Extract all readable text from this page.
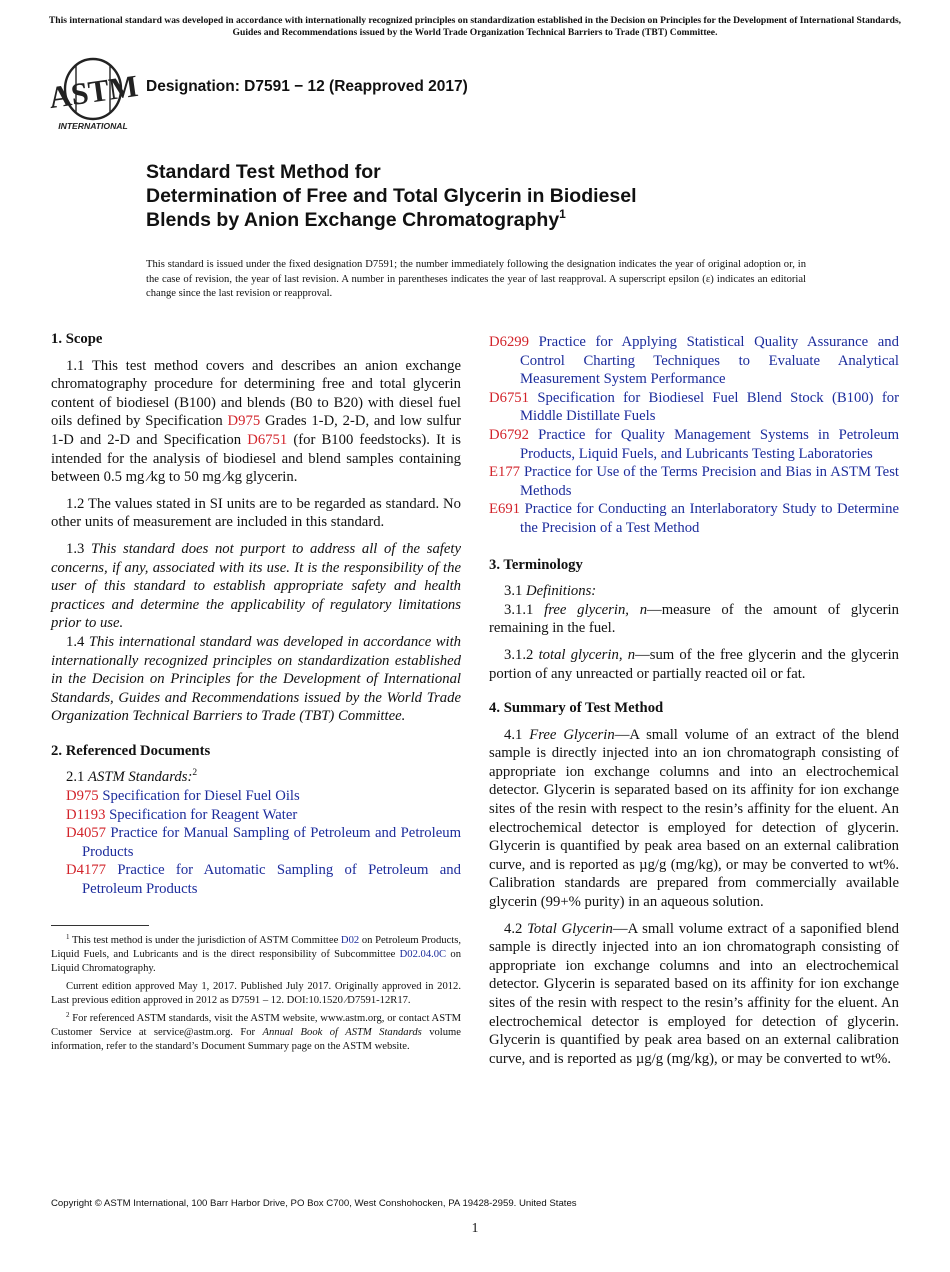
This international standard was developed in accordance with internationally recognized principles on standardization established in the Decision on Principles for the Development of International Standards, Guides and Recommendations issued by the World Trade Organization Technical Barriers to Trade (TBT) Committee.
ASTM
INTERNATIONAL
Designation: D7591 − 12 (Reapproved 2017)
Standard Test Method for
Determination of Free and Total Glycerin in Biodiesel
Blends by Anion Exchange Chromatography$^1$
This standard is issued under the fixed designation D7591; the number immediately following the designation indicates the year of original adoption or, in the case of revision, the year of last revision. A number in parentheses indicates the year of last reapproval. A superscript epsilon (ε) indicates an editorial change since the last revision or reapproval.
1. Scope

1.1 This test method covers and describes an anion exchange chromatography procedure for determining free and total glycerin content of biodiesel (B100) and blends (B0 to B20) with diesel fuel oils defined by Specification D975 Grades 1-D, 2-D, and low sulfur 1-D and 2-D and Specification D6751 (for B100 feedstocks). It is intended for the analysis of biodiesel and blend samples containing between 0.5 mg ⁄kg to 50 mg ⁄kg glycerin.

1.2 The values stated in SI units are to be regarded as standard. No other units of measurement are included in this standard.

1.3 This standard does not purport to address all of the safety concerns, if any, associated with its use. It is the responsibility of the user of this standard to establish appropriate safety and health practices and determine the applicability of regulatory limitations prior to use.

1.4 This international standard was developed in accordance with internationally recognized principles on standardization established in the Decision on Principles for the Development of International Standards, Guides and Recommendations issued by the World Trade Organization Technical Barriers to Trade (TBT) Committee.

2. Referenced Documents

2.1 ASTM Standards:$^2$

D975 Specification for Diesel Fuel Oils

D1193 Specification for Reagent Water

D4057 Practice for Manual Sampling of Petroleum and Petroleum Products

D4177 Practice for Automatic Sampling of Petroleum and Petroleum Products

$^1$ This test method is under the jurisdiction of ASTM Committee D02 on Petroleum Products, Liquid Fuels, and Lubricants and is the direct responsibility of Subcommittee D02.04.0C on Liquid Chromatography.

Current edition approved May 1, 2017. Published July 2017. Originally approved in 2012. Last previous edition approved in 2012 as D7591 – 12. DOI:10.1520 ⁄D7591-12R17.

$^2$ For referenced ASTM standards, visit the ASTM website, www.astm.org, or contact ASTM Customer Service at service@astm.org. For Annual Book of ASTM Standards volume information, refer to the standard’s Document Summary page on the ASTM website.

D6299 Practice for Applying Statistical Quality Assurance and Control Charting Techniques to Evaluate Analytical Measurement System Performance

D6751 Specification for Biodiesel Fuel Blend Stock (B100) for Middle Distillate Fuels

D6792 Practice for Quality Management Systems in Petroleum Products, Liquid Fuels, and Lubricants Testing Laboratories

E177 Practice for Use of the Terms Precision and Bias in ASTM Test Methods

E691 Practice for Conducting an Interlaboratory Study to Determine the Precision of a Test Method

3. Terminology

3.1 Definitions:

3.1.1 free glycerin, n—measure of the amount of glycerin remaining in the fuel.

3.1.2 total glycerin, n—sum of the free glycerin and the glycerin portion of any unreacted or partially reacted oil or fat.

4. Summary of Test Method

4.1 Free Glycerin—A small volume of an extract of the blend sample is directly injected into an ion chromatograph consisting of appropriate ion exchange columns and into an electrochemical detector. Glycerin is separated based on its affinity for ion exchange sites of the resin with respect to the resin’s affinity for the eluent. An electrochemical detector is employed for detection of glycerin. Glycerin is quantified by peak area based on an external calibration curve, and is reported as µg/g (mg/kg), or may be converted to wt%. Calibration standards are prepared from commercially available glycerin (99+% purity) in an aqueous solution.

4.2 Total Glycerin—A small volume extract of a saponified blend sample is directly injected into an ion chromatograph consisting of appropriate ion exchange columns and into an electrochemical detector. Glycerin is separated based on its affinity for ion exchange sites of the resin with respect to the resin’s affinity for the eluent. An electrochemical detector is employed for detection of glycerin. Glycerin is quantified by peak area based on an external calibration curve, and is reported as µg/g (mg/kg), or may be converted to wt%.

Copyright © ASTM International, 100 Barr Harbor Drive, PO Box C700, West Conshohocken, PA 19428-2959. United States
1
